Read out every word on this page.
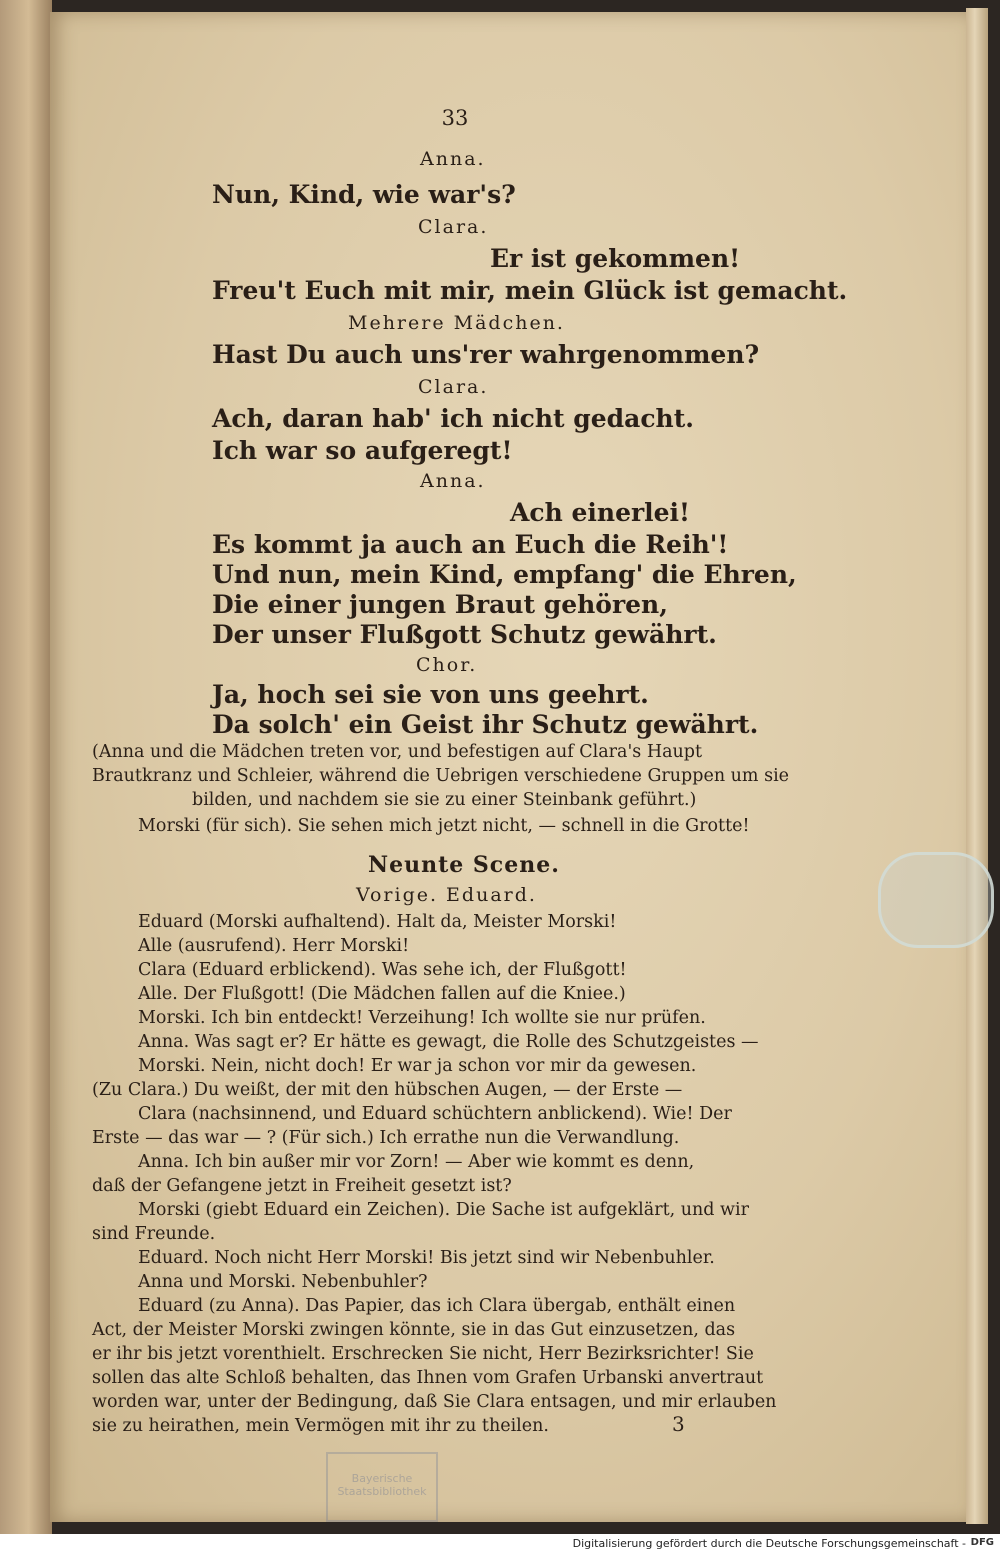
Bayerische Staatsbibliothek
33

Anna.

Nun, Kind, wie war's?

Clara.

Er ist gekommen!

Freu't Euch mit mir, mein Glück ist gemacht.

Mehrere Mädchen.

Hast Du auch uns'rer wahrgenommen?

Clara.

Ach, daran hab' ich nicht gedacht.

Ich war so aufgeregt!

Anna.

Ach einerlei!

Es kommt ja auch an Euch die Reih'!

Und nun, mein Kind, empfang' die Ehren,

Die einer jungen Braut gehören,

Der unser Flußgott Schutz gewährt.

Chor.

Ja, hoch sei sie von uns geehrt.

Da solch' ein Geist ihr Schutz gewährt.

(Anna und die Mädchen treten vor, und befestigen auf Clara's Haupt

Brautkranz und Schleier, während die Uebrigen verschiedene Gruppen um sie

bilden, und nachdem sie sie zu einer Steinbank geführt.)

Morski (für sich). Sie sehen mich jetzt nicht, — schnell in die Grotte!

Neunte Scene.

Vorige. Eduard.

Eduard (Morski aufhaltend). Halt da, Meister Morski!

Alle (ausrufend). Herr Morski!

Clara (Eduard erblickend). Was sehe ich, der Flußgott!

Alle. Der Flußgott! (Die Mädchen fallen auf die Kniee.)

Morski. Ich bin entdeckt! Verzeihung! Ich wollte sie nur prüfen.

Anna. Was sagt er? Er hätte es gewagt, die Rolle des Schutzgeistes —

Morski. Nein, nicht doch! Er war ja schon vor mir da gewesen.

(Zu Clara.) Du weißt, der mit den hübschen Augen, — der Erste —

Clara (nachsinnend, und Eduard schüchtern anblickend). Wie! Der

Erste — das war — ? (Für sich.) Ich errathe nun die Verwandlung.

Anna. Ich bin außer mir vor Zorn! — Aber wie kommt es denn,

daß der Gefangene jetzt in Freiheit gesetzt ist?

Morski (giebt Eduard ein Zeichen). Die Sache ist aufgeklärt, und wir

sind Freunde.

Eduard. Noch nicht Herr Morski! Bis jetzt sind wir Nebenbuhler.

Anna und Morski. Nebenbuhler?

Eduard (zu Anna). Das Papier, das ich Clara übergab, enthält einen

Act, der Meister Morski zwingen könnte, sie in das Gut einzusetzen, das

er ihr bis jetzt vorenthielt. Erschrecken Sie nicht, Herr Bezirksrichter! Sie

sollen das alte Schloß behalten, das Ihnen vom Grafen Urbanski anvertraut

worden war, unter der Bedingung, daß Sie Clara entsagen, und mir erlauben

sie zu heirathen, mein Vermögen mit ihr zu theilen.	3
Digitalisierung gefördert durch die Deutsche Forschungsgemeinschaft - DFG
